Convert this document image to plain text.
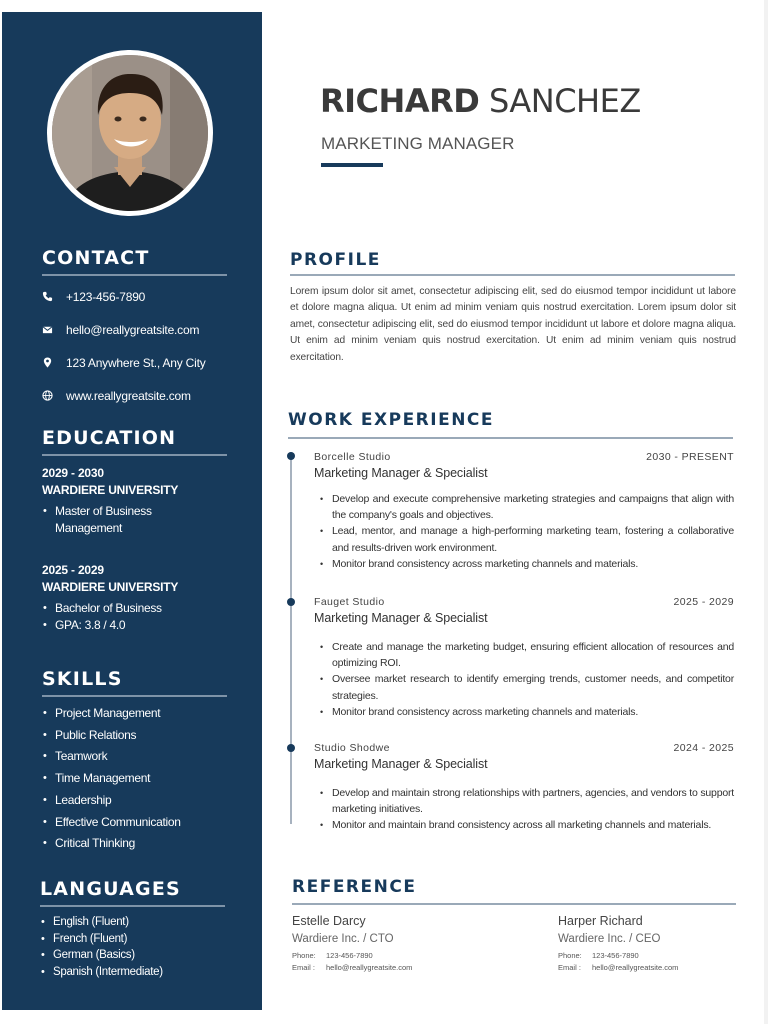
CONTACT
+123-456-7890
hello@reallygreatsite.com
123 Anywhere St., Any City
www.reallygreatsite.com
EDUCATION
2029 - 2030
WARDIERE UNIVERSITY
• Master of Business Management
2025 - 2029
WARDIERE UNIVERSITY
• Bachelor of Business
• GPA: 3.8 / 4.0
SKILLS
• Project Management
• Public Relations
• Teamwork
• Time Management
• Leadership
• Effective Communication
• Critical Thinking
LANGUAGES
• English (Fluent)
• French (Fluent)
• German (Basics)
• Spanish (Intermediate)
RICHARD SANCHEZ
MARKETING MANAGER
PROFILE
Lorem ipsum dolor sit amet, consectetur adipiscing elit, sed do eiusmod tempor incididunt ut labore et dolore magna aliqua. Ut enim ad minim veniam quis nostrud exercitation. Lorem ipsum dolor sit amet, consectetur adipiscing elit, sed do eiusmod tempor incididunt ut labore et dolore magna aliqua. Ut enim ad minim veniam quis nostrud exercitation. Ut enim ad minim veniam quis nostrud exercitation.
WORK EXPERIENCE
Borcelle Studio	2030 - PRESENT
Marketing Manager & Specialist
• Develop and execute comprehensive marketing strategies and campaigns that align with the company's goals and objectives.
• Lead, mentor, and manage a high-performing marketing team, fostering a collaborative and results-driven work environment.
• Monitor brand consistency across marketing channels and materials.
Fauget Studio	2025 - 2029
Marketing Manager & Specialist
• Create and manage the marketing budget, ensuring efficient allocation of resources and optimizing ROI.
• Oversee market research to identify emerging trends, customer needs, and competitor strategies.
• Monitor brand consistency across marketing channels and materials.
Studio Shodwe	2024 - 2025
Marketing Manager & Specialist
• Develop and maintain strong relationships with partners, agencies, and vendors to support marketing initiatives.
• Monitor and maintain brand consistency across all marketing channels and materials.
REFERENCE
Estelle Darcy
Wardiere Inc. / CTO
Phone:	123-456-7890
Email :	hello@reallygreatsite.com
Harper Richard
Wardiere Inc. / CEO
Phone:	123-456-7890
Email :	hello@reallygreatsite.com
